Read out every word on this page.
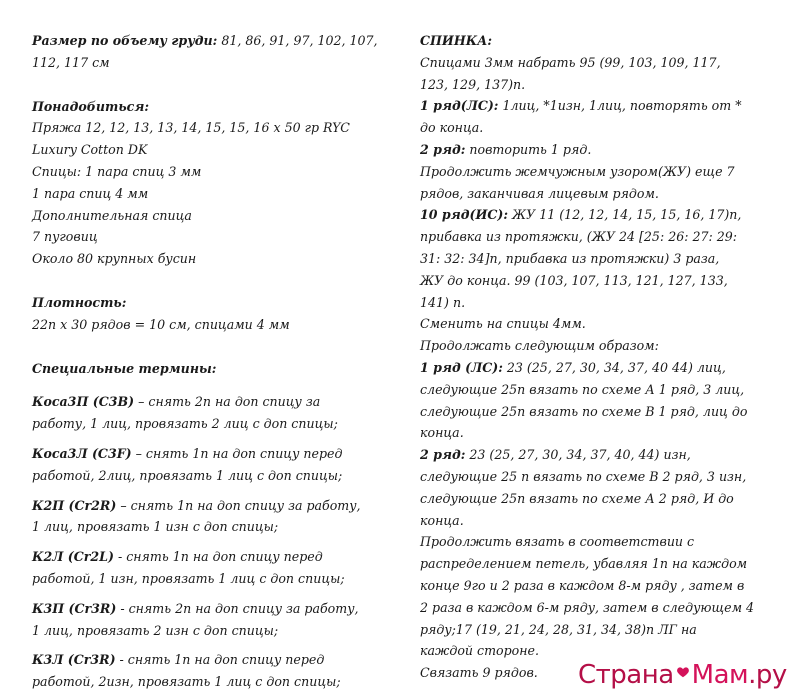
Размер по объему груди: 81, 86, 91, 97, 102, 107,
112, 117 см
Понадобиться:
Пряжа 12, 12, 13, 13, 14, 15, 15, 16 x 50 гр RYC
Luxury Cotton DK
Спицы: 1 пара спиц 3 мм
1 пара спиц 4 мм
Дополнительная спица
7 пуговиц
Около 80 крупных бусин
Плотность:
22п x 30 рядов = 10 см, спицами 4 мм
Специальные термины:
Коса3П (С3В) – снять 2п на доп спицу за
работу, 1 лиц, провязать 2 лиц с доп спицы;
Коса3Л (C3F) – снять 1п на доп спицу перед
работой, 2лиц, провязать 1 лиц с доп спицы;
К2П (Cr2R) – снять 1п на доп спицу за работу,
1 лиц, провязать 1 изн с доп спицы;
К2Л (Cr2L) - снять 1п на доп спицу перед
работой, 1 изн, провязать 1 лиц с доп спицы;
К3П (Cr3R) - снять 2п на доп спицу за работу,
1 лиц, провязать 2 изн с доп спицы;
К3Л (Cr3R) - снять 1п на доп спицу перед
работой, 2изн, провязать 1 лиц с доп спицы;
СПИНКА:
Спицами 3мм набрать 95 (99, 103, 109, 117,
123, 129, 137)п.
1 ряд(ЛС): 1лиц, *1изн, 1лиц, повторять от *
до конца.
2 ряд: повторить 1 ряд.
Продолжить жемчужным узором(ЖУ) еще 7
рядов, заканчивая лицевым рядом.
10 ряд(ИС): ЖУ 11 (12, 12, 14, 15, 15, 16, 17)п,
прибавка из протяжки, (ЖУ 24 [25: 26: 27: 29:
31: 32: 34]п, прибавка из протяжки) 3 раза,
ЖУ до конца. 99 (103, 107, 113, 121, 127, 133,
141) п.
Сменить на спицы 4мм.
Продолжать следующим образом:
1 ряд (ЛС): 23 (25, 27, 30, 34, 37, 40 44) лиц,
следующие 25п вязать по схеме А 1 ряд, 3 лиц,
следующие 25п вязать по схеме В 1 ряд, лиц до
конца.
2 ряд: 23 (25, 27, 30, 34, 37, 40, 44) изн,
следующие 25 п вязать по схеме В 2 ряд, 3 изн,
следующие 25п вязать по схеме А 2 ряд, И до
конца.
Продолжить вязать в соответствии с
распределением петель, убавляя 1п на каждом
конце 9го и 2 раза в каждом 8-м ряду , затем в
2 раза в каждом 6-м ряду, затем в следующем 4
ряду;17 (19, 21, 24, 28, 31, 34, 38)п ЛГ на
каждой стороне.
Связать 9 рядов.	Страна Мам.ру
